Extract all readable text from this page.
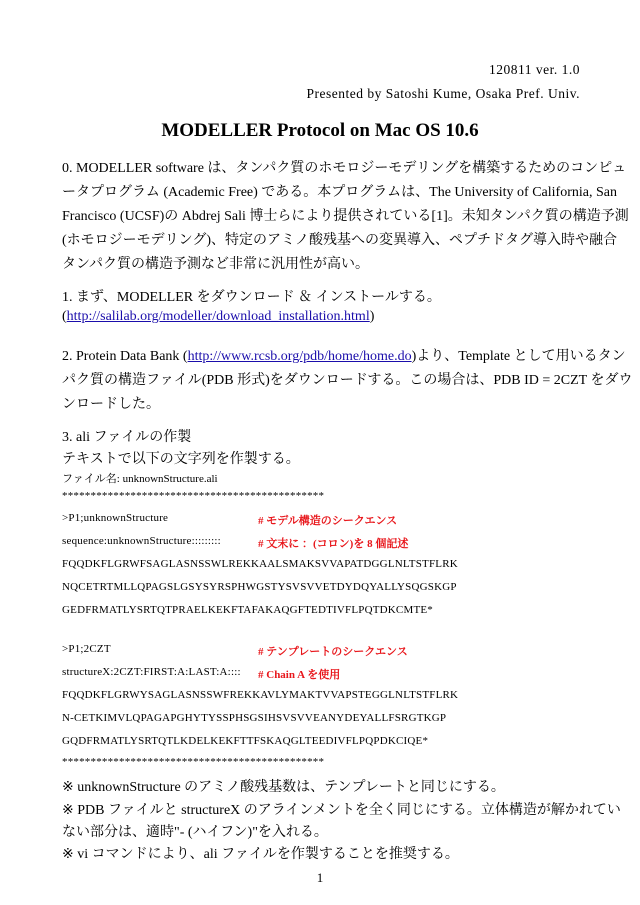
120811 ver. 1.0
Presented by Satoshi Kume, Osaka Pref. Univ.
MODELLER Protocol on Mac OS 10.6
0. MODELLER software は、タンパク質のホモロジーモデリングを構築するためのコンピュ
ータプログラム (Academic Free) である。本プログラムは、The University of California, San
Francisco (UCSF)の Abdrej Sali 博士らにより提供されている[1]。未知タンパク質の構造予測
(ホモロジーモデリング)、特定のアミノ酸残基への変異導入、ペプチドタグ導入時や融合
タンパク質の構造予測など非常に汎用性が高い。
1. まず、MODELLER をダウンロード ＆ インストールする。
(http://salilab.org/modeller/download_installation.html)
2. Protein Data Bank (http://www.rcsb.org/pdb/home/home.do)より、Template として用いるタン
パク質の構造ファイル(PDB 形式)をダウンロードする。この場合は、PDB ID = 2CZT をダウ
ンロードした。
3. ali ファイルの作製
テキストで以下の文字列を作製する。
ファイル名: unknownStructure.ali
**********************************************
>P1;unknownStructure	# モデル構造のシークエンス
sequence:unknownStructure:::::::::	# 文末に ：(コロン)を 8 個記述
FQQDKFLGRWFSAGLASNSSWLREKKAALSMAKSVVAPATDGGLNLTSTFLRK
NQCETRTMLLQPAGSLGSYSYRSPHWGSTYSVSVVETDYDQYALLYSQGSKGP
GEDFRMATLYSRTQTPRAELKEKFTAFAKAQGFTEDTIVFLPQTDKCMTE*
>P1;2CZT	# テンプレートのシークエンス
structureX:2CZT:FIRST:A:LAST:A:::: # Chain A を使用
FQQDKFLGRWYSAGLASNSSWFREKKAVLYMAKTVVAPSTEGGLNLTSTFLRK
N-CETKIMVLQPAGAPGHYTYSSPHSGSIHSVSVVEANYDEYALLFSRGTKGP
GQDFRMATLYSRTQTLKDELKEKFTTFSKAQGLTEEDIVFLPQPDKCIQE*
**********************************************
※ unknownStructure のアミノ酸残基数は、テンプレートと同じにする。
※ PDB ファイルと structureX のアラインメントを全く同じにする。立体構造が解かれてい
ない部分は、適時"- (ハイフン)"を入れる。
※ vi コマンドにより、ali ファイルを作製することを推奨する。
1
